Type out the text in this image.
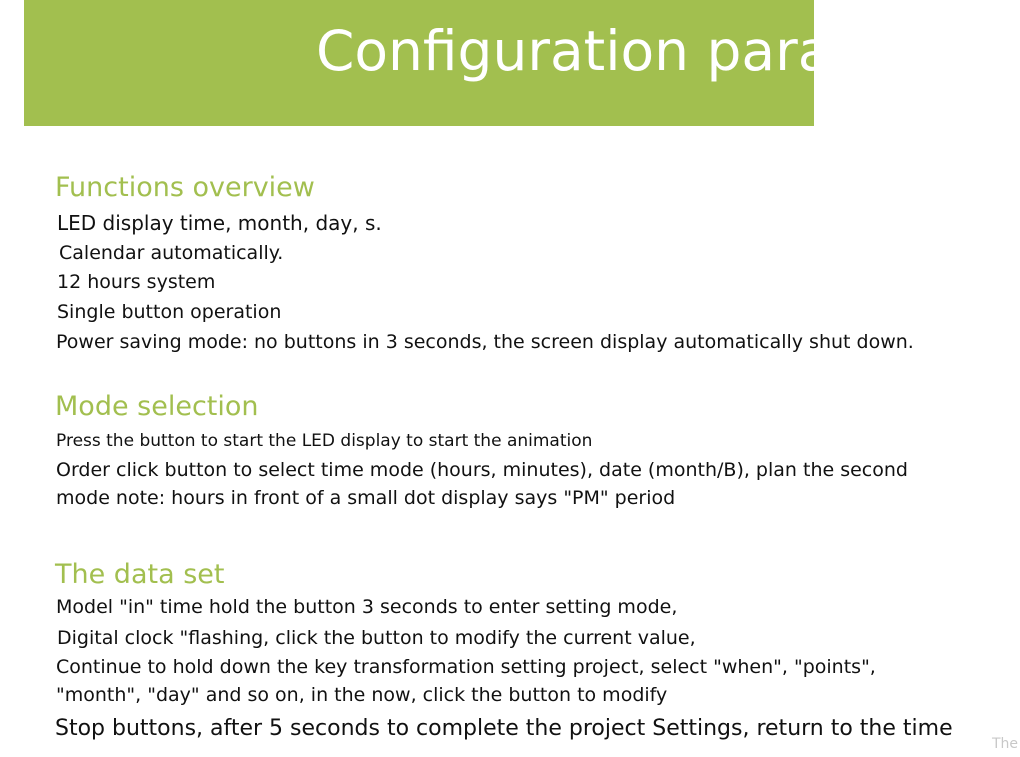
Configuration param
Functions overview
LED display time, month, day, s.
Calendar automatically.
12 hours system
Single button operation
Power saving mode: no buttons in 3 seconds, the screen display automatically shut down.
Mode selection
Press the button to start the LED display to start the animation
Order click button to select time mode (hours, minutes), date (month/B), plan the second
mode note: hours in front of a small dot display says "PM" period
The data set
Model "in" time hold the button 3 seconds to enter setting mode,
Digital clock "flashing, click the button to modify the current value,
Continue to hold down the key transformation setting project, select "when", "points",
"month", "day" and so on, in the now, click the button to modify
Stop buttons, after 5 seconds to complete the project Settings, return to the time
The
